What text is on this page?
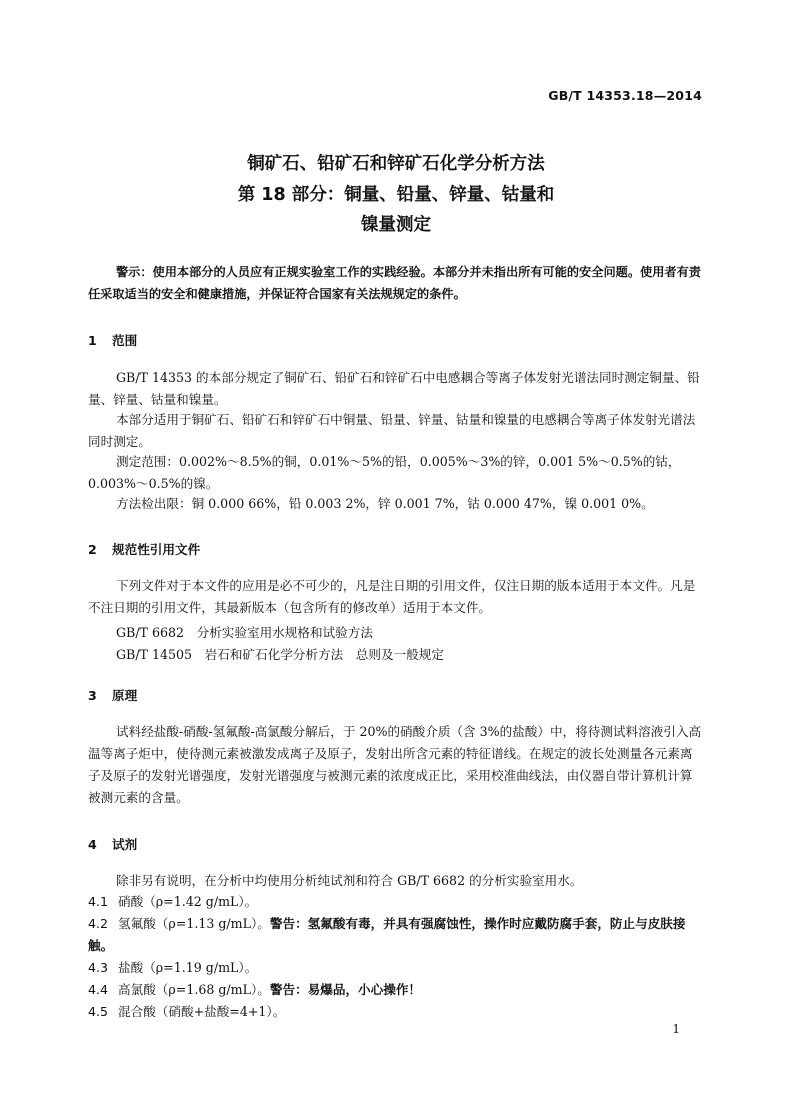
GB/T 14353.18—2014
铜矿石、铅矿石和锌矿石化学分析方法
第 18 部分：铜量、铅量、锌量、钴量和
镍量测定
警示：使用本部分的人员应有正规实验室工作的实践经验。本部分并未指出所有可能的安全问题。使用者有责任采取适当的安全和健康措施，并保证符合国家有关法规规定的条件。
1 范围
GB/T 14353 的本部分规定了铜矿石、铅矿石和锌矿石中电感耦合等离子体发射光谱法同时测定铜量、铅量、锌量、钴量和镍量。
本部分适用于铜矿石、铅矿石和锌矿石中铜量、铅量、锌量、钴量和镍量的电感耦合等离子体发射光谱法同时测定。
测定范围：0.002%～8.5%的铜，0.01%～5%的铅，0.005%～3%的锌，0.001 5%～0.5%的钴，0.003%～0.5%的镍。
方法检出限：铜 0.000 66%，铅 0.003 2%，锌 0.001 7%，钴 0.000 47%，镍 0.001 0%。
2 规范性引用文件
下列文件对于本文件的应用是必不可少的，凡是注日期的引用文件，仅注日期的版本适用于本文件。凡是不注日期的引用文件，其最新版本（包含所有的修改单）适用于本文件。
GB/T 6682　 分析实验室用水规格和试验方法
GB/T 14505　 岩石和矿石化学分析方法　总则及一般规定
3 原理
试料经盐酸-硝酸-氢氟酸-高氯酸分解后，于 20%的硝酸介质（含 3%的盐酸）中，将待测试料溶液引入高温等离子炬中，使待测元素被激发成离子及原子，发射出所含元素的特征谱线。在规定的波长处测量各元素离子及原子的发射光谱强度，发射光谱强度与被测元素的浓度成正比，采用校准曲线法，由仪器自带计算机计算被测元素的含量。
4 试剂
除非另有说明，在分析中均使用分析纯试剂和符合 GB/T 6682 的分析实验室用水。
4.1 硝酸（ρ=1.42 g/mL）。
4.2 氢氟酸（ρ=1.13 g/mL）。警告：氢氟酸有毒，并具有强腐蚀性，操作时应戴防腐手套，防止与皮肤接触。
4.3 盐酸（ρ=1.19 g/mL）。
4.4 高氯酸（ρ=1.68 g/mL）。警告：易爆品，小心操作！
4.5 混合酸（硝酸+盐酸=4+1）。
1
